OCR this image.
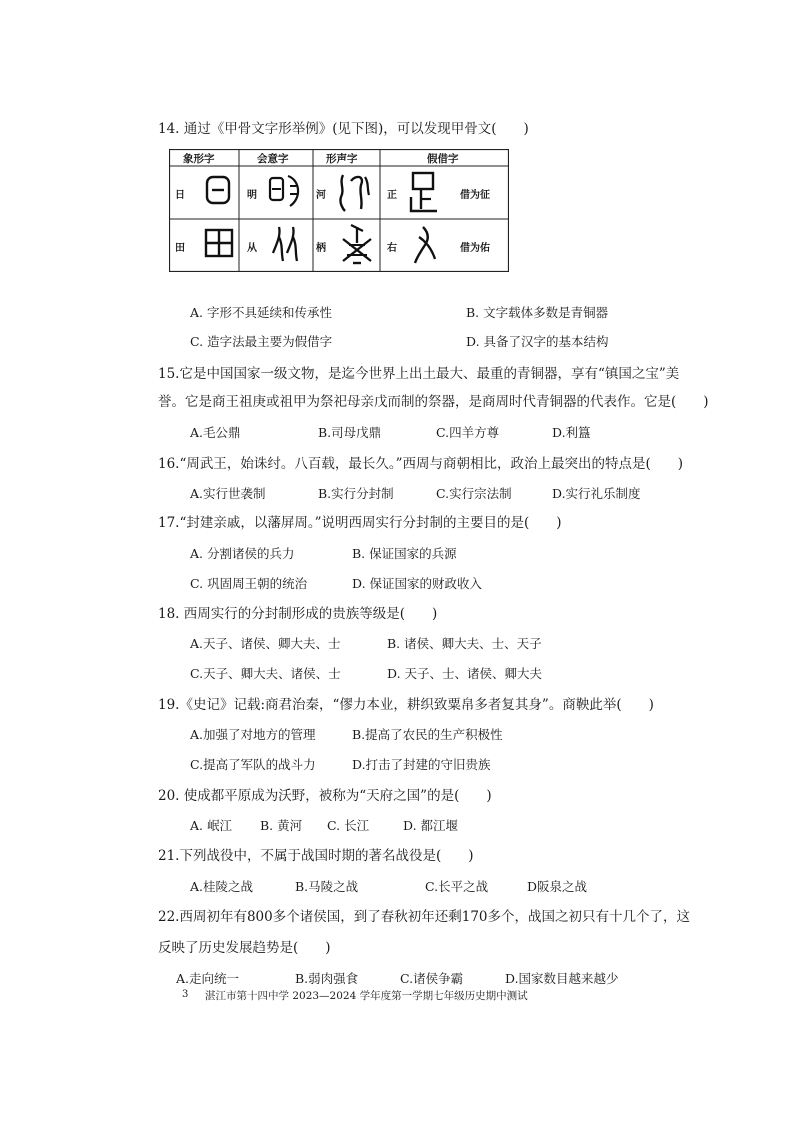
14. 通过《甲骨文字形举例》(见下图)，可以发现甲骨文(　　)
象形字	会意字	形声字	假借字
日	明	河	正	借为征
田	从	柄	右	借为佑
A. 字形不具延续和传承性	B. 文字载体多数是青铜器
C. 造字法最主要为假借字	D. 具备了汉字的基本结构
15.它是中国国家一级文物，是迄今世界上出土最大、最重的青铜器，享有“镇国之宝”美
誉。它是商王祖庚或祖甲为祭祀母亲戊而制的祭器，是商周时代青铜器的代表作。它是(　　)
A.毛公鼎	B.司母戊鼎	C.四羊方尊	D.利簋
16.“周武王，始诛纣。八百载，最长久。”西周与商朝相比，政治上最突出的特点是(　　)
A.实行世袭制	B.实行分封制	C.实行宗法制	D.实行礼乐制度
17.“封建亲戚，以藩屏周。”说明西周实行分封制的主要目的是(　　)
A. 分割诸侯的兵力	B. 保证国家的兵源
C. 巩固周王朝的统治	D. 保证国家的财政收入
18. 西周实行的分封制形成的贵族等级是(　　)
A.天子、诸侯、卿大夫、士	B. 诸侯、卿大夫、士、天子
C.天子、卿大夫、诸侯、士	D. 天子、士、诸侯、卿大夫
19.《史记》记载:商君治秦，“僇力本业，耕织致粟帛多者复其身”。商鞅此举(　　)
A.加强了对地方的管理	B.提高了农民的生产积极性
C.提高了军队的战斗力	D.打击了封建的守旧贵族
20. 使成都平原成为沃野，被称为“天府之国”的是(　　)
A. 岷江 B. 黄河 C. 长江	D. 都江堰
21.下列战役中，不属于战国时期的著名战役是(　　)
A.桂陵之战	B.马陵之战	C.长平之战	D阪泉之战
22.西周初年有800多个诸侯国，到了春秋初年还剩170多个，战国之初只有十几个了，这
反映了历史发展趋势是(　　)
A.走向统一	B.弱肉强食	C.诸侯争霸	D.国家数目越来越少
3 湛江市第十四中学 2023—2024 学年度第一学期七年级历史期中测试
